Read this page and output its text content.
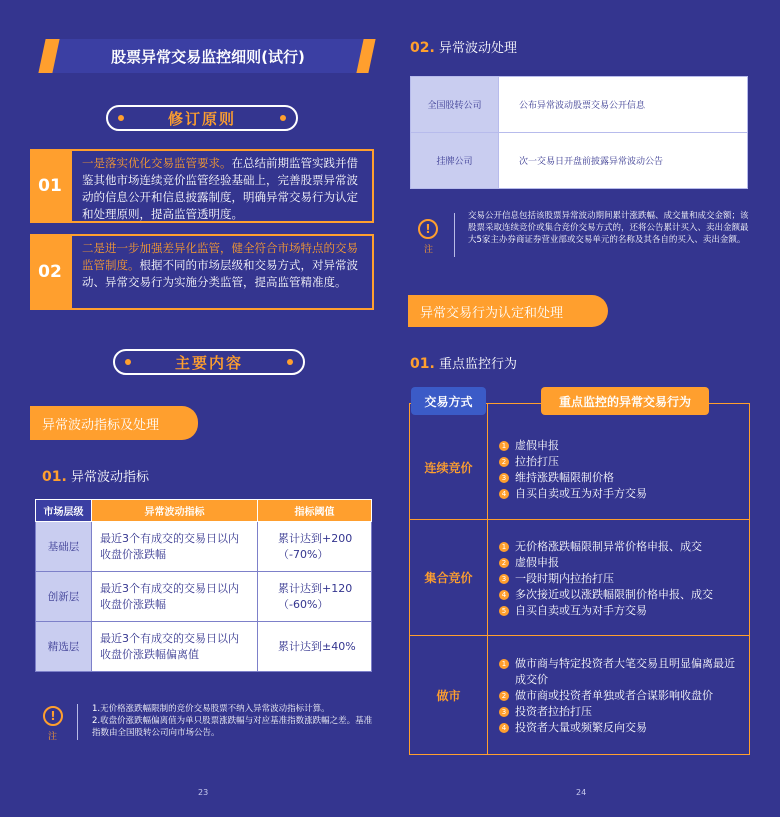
股票异常交易监控细则(试行)
修订原则
01
一是落实优化交易监管要求。在总结前期监管实践并借鉴其他市场连续竞价监管经验基础上，完善股票异常波动的信息公开和信息披露制度，明确异常交易行为认定和处理原则，提高监管透明度。
02
二是进一步加强差异化监管，健全符合市场特点的交易监管制度。根据不同的市场层级和交易方式，对异常波动、异常交易行为实施分类监管，提高监管精准度。
主要内容
异常波动指标及处理
01. 异常波动指标
市场层级	异常波动指标	指标阈值
基础层	最近3个有成交的交易日以内收盘价涨跌幅	累计达到+200（-70%）
创新层	最近3个有成交的交易日以内收盘价涨跌幅	累计达到+120（-60%）
精选层	最近3个有成交的交易日以内收盘价涨跌幅偏离值	累计达到±40%
!
注
1.无价格涨跌幅限制的竞价交易股票不纳入异常波动指标计算。
2.收盘价涨跌幅偏离值为单只股票涨跌幅与对应基准指数涨跌幅之差。基准指数由全国股转公司向市场公告。
23
02. 异常波动处理
全国股转公司	公布异常波动股票交易公开信息
挂牌公司	次一交易日开盘前披露异常波动公告
!
注
交易公开信息包括该股票异常波动期间累计涨跌幅、成交量和成交金额；该股票采取连续竞价或集合竞价交易方式的，还将公告累计买入、卖出金额最大5家主办券商证券营业部或交易单元的名称及其各自的买入、卖出金额。
异常交易行为认定和处理
01. 重点监控行为
交易方式	重点监控的异常交易行为
连续竞价
1 虚假申报
2 拉抬打压
3 维持涨跌幅限制价格
4 自买自卖或互为对手方交易
集合竞价
1 无价格涨跌幅限制异常价格申报、成交
2 虚假申报
3 一段时期内拉抬打压
4 多次接近或以涨跌幅限制价格申报、成交
5 自买自卖或互为对手方交易
做市
1 做市商与特定投资者大笔交易且明显偏离最近成交价
2 做市商或投资者单独或者合谋影响收盘价
3 投资者拉抬打压
4 投资者大量或频繁反向交易
24
